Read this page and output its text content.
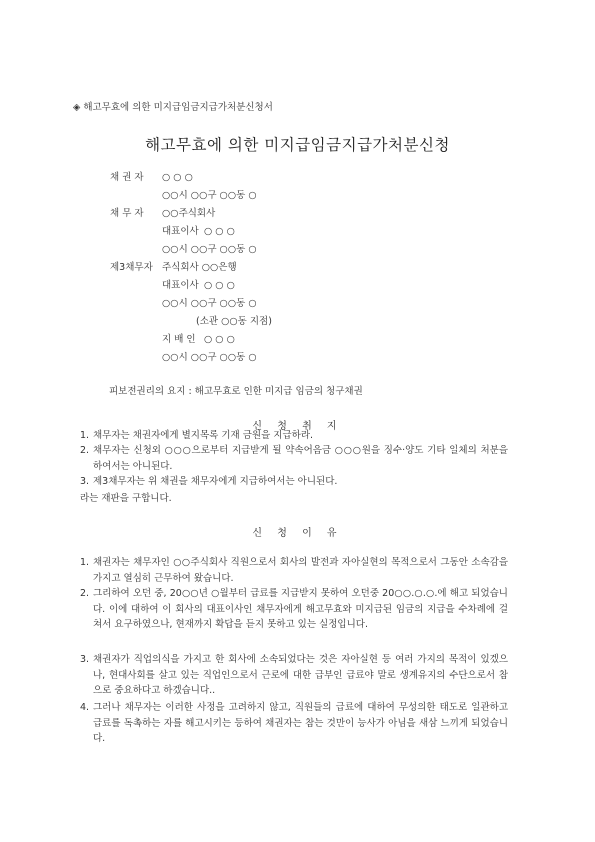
◈ 해고무효에 의한 미지급임금지급가처분신청서
해고무효에 의한 미지급임금지급가처분신청
채 권 자 ○ ○ ○
○○시 ○○구 ○○동 ○
채 무 자 ○○주식회사
대표이사 ○ ○ ○
○○시 ○○구 ○○동 ○
제3채무자 주식회사 ○○은행
대표이사 ○ ○ ○
○○시 ○○구 ○○동 ○
(소관 ○○동 지점)
지 배 인 ○ ○ ○
○○시 ○○구 ○○동 ○
피보전권리의 요지 : 해고무효로 인한 미지급 임금의 청구채권
신 청 취 지
1. 채무자는 채권자에게 별지목록 기재 금원을 지급하라.
2. 채무자는 신청외 ○○○으로부터 지급받게 될 약속어음금 ○○○원을 징수·양도 기타 일체의 처분을 하여서는 아니된다.
3. 제3채무자는 위 채권을 채무자에게 지급하여서는 아니된다.
라는 재판을 구합니다.
신 청 이 유
1. 채권자는 채무자인 ○○주식회사 직원으로서 회사의 발전과 자아실현의 목적으로서 그동안 소속감을 가지고 열심히 근무하여 왔습니다.
2. 그리하여 오던 중, 20○○년 ○월부터 급료를 지급받지 못하여 오던중 20○○.○.○.에 해고 되었습니다. 이에 대하여 이 회사의 대표이사인 채무자에게 해고무효와 미지급된 임금의 지급을 수차례에 걸쳐서 요구하였으나, 현재까지 확답을 듣지 못하고 있는 실정입니다.
3. 채권자가 직업의식을 가지고 한 회사에 소속되었다는 것은 자아실현 등 여러 가지의 목적이 있겠으나, 현대사회를 살고 있는 직업인으로서 근로에 대한 급부인 급료야 말로 생계유지의 수단으로서 참으로 중요하다고 하겠습니다..
4. 그러나 채무자는 이러한 사정을 고려하지 않고, 직원들의 급료에 대하여 무성의한 태도로 일관하고 급료를 독촉하는 자를 해고시키는 등하여 채권자는 참는 것만이 능사가 아님을 새삼 느끼게 되었습니다.
